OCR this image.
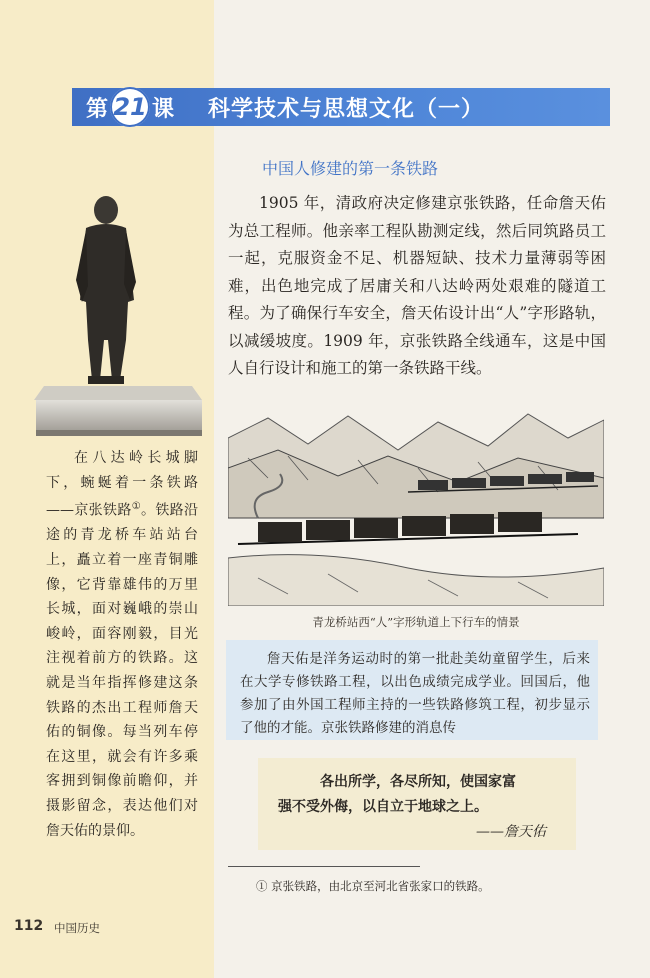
第 21 课 科学技术与思想文化（一）
中国人修建的第一条铁路

1905 年，清政府决定修建京张铁路，任命詹天佑为总工程师。他亲率工程队勘测定线，然后同筑路员工一起，克服资金不足、机器短缺、技术力量薄弱等困难，出色地完成了居庸关和八达岭两处艰难的隧道工程。为了确保行车安全，詹天佑设计出“人”字形路轨，以减缓坡度。1909 年，京张铁路全线通车，这是中国人自行设计和施工的第一条铁路干线。

在八达岭长城脚下，蜿蜒着一条铁路——京张铁路①。铁路沿途的青龙桥车站站台上，矗立着一座青铜雕像，它背靠雄伟的万里长城，面对巍峨的崇山峻岭，面容刚毅，目光注视着前方的铁路。这就是当年指挥修建这条铁路的杰出工程师詹天佑的铜像。每当列车停在这里，就会有许多乘客拥到铜像前瞻仰，并摄影留念，表达他们对詹天佑的景仰。

青龙桥站西“人”字形轨道上下行车的情景

詹天佑是洋务运动时的第一批赴美幼童留学生，后来在大学专修铁路工程，以出色成绩完成学业。回国后，他参加了由外国工程师主持的一些铁路修筑工程，初步显示了他的才能。京张铁路修建的消息传

各出所学，各尽所知，使国家富
强不受外侮，以自立于地球之上。
——詹天佑
① 京张铁路，由北京至河北省张家口的铁路。
112 中国历史
